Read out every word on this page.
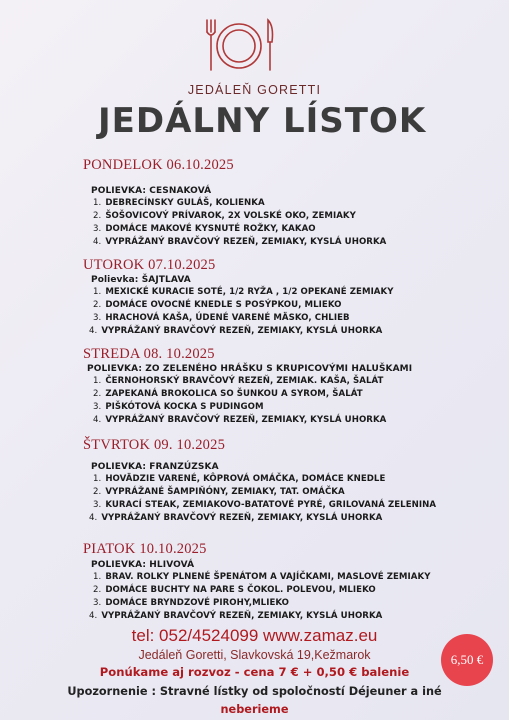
JEDÁLEŇ GORETTI
JEDÁLNY LÍSTOK
PONDELOK 06.10.2025
POLIEVKA: CESNAKOVÁ
1. DEBRECÍNSKY GULÁŠ, KOLIENKA
2. ŠOŠOVICOVÝ PRÍVAROK, 2X VOLSKÉ OKO, ZEMIAKY
3. DOMÁCE MAKOVÉ KYSNUTÉ ROŽKY, KAKAO
4. VYPRÁŽANÝ BRAVČOVÝ REZEŇ, ZEMIAKY, KYSLÁ UHORKA
UTOROK 07.10.2025
Polievka: ŠAJTLAVA
1. MEXICKÉ KURACIE SOTÉ, 1/2 RYŽA , 1/2 OPEKANÉ ZEMIAKY
2. DOMÁCE OVOCNÉ KNEDLE S POSÝPKOU, MLIEKO
3. HRACHOVÁ KAŠA, ÚDENÉ VARENÉ MÄSKO, CHLIEB
4. VYPRÁŽANÝ BRAVČOVÝ REZEŇ, ZEMIAKY, KYSLÁ UHORKA
STREDA 08. 10.2025
POLIEVKA: ZO ZELENÉHO HRÁŠKU S KRUPICOVÝMI HALUŠKAMI
1. ČERNOHORSKÝ BRAVČOVÝ REZEŇ, ZEMIAK. KAŠA, ŠALÁT
2. ZAPEKANÁ BROKOLICA SO ŠUNKOU A SYROM, ŠALÁT
3. PIŠKÓTOVÁ KOCKA S PUDINGOM
4. VYPRÁŽANÝ BRAVČOVÝ REZEŇ, ZEMIAKY, KYSLÁ UHORKA
ŠTVRTOK 09. 10.2025
POLIEVKA: FRANZÚZSKA
1. HOVÄDZIE VARENÉ, KÔPROVÁ OMÁČKA, DOMÁCE KNEDLE
2. VYPRÁŽANÉ ŠAMPIŇÓNY, ZEMIAKY, TAT. OMÁČKA
3. KURACÍ STEAK, ZEMIAKOVO-BATATOVÉ PYRÉ, GRILOVANÁ ZELENINA
4. VYPRÁŽANÝ BRAVČOVÝ REZEŇ, ZEMIAKY, KYSLÁ UHORKA
PIATOK 10.10.2025
POLIEVKA: HLIVOVÁ
1. BRAV. ROLKY PLNENÉ ŠPENÁTOM A VAJÍČKAMI, MASLOVÉ ZEMIAKY
2. DOMÁCE BUCHTY NA PARE S ČOKOL. POLEVOU, MLIEKO
3. DOMÁCE BRYNDZOVÉ PIROHY,MLIEKO
4. VYPRÁŽANÝ BRAVČOVÝ REZEŇ, ZEMIAKY, KYSLÁ UHORKA
tel: 052/4524099 www.zamaz.eu
Jedáleň Goretti, Slavkovská 19,Kežmarok
Ponúkame aj rozvoz - cena 7 € + 0,50 € balenie
Upozornenie : Stravné lístky od spoločností Déjeuner a iné
neberieme
6,50 €
